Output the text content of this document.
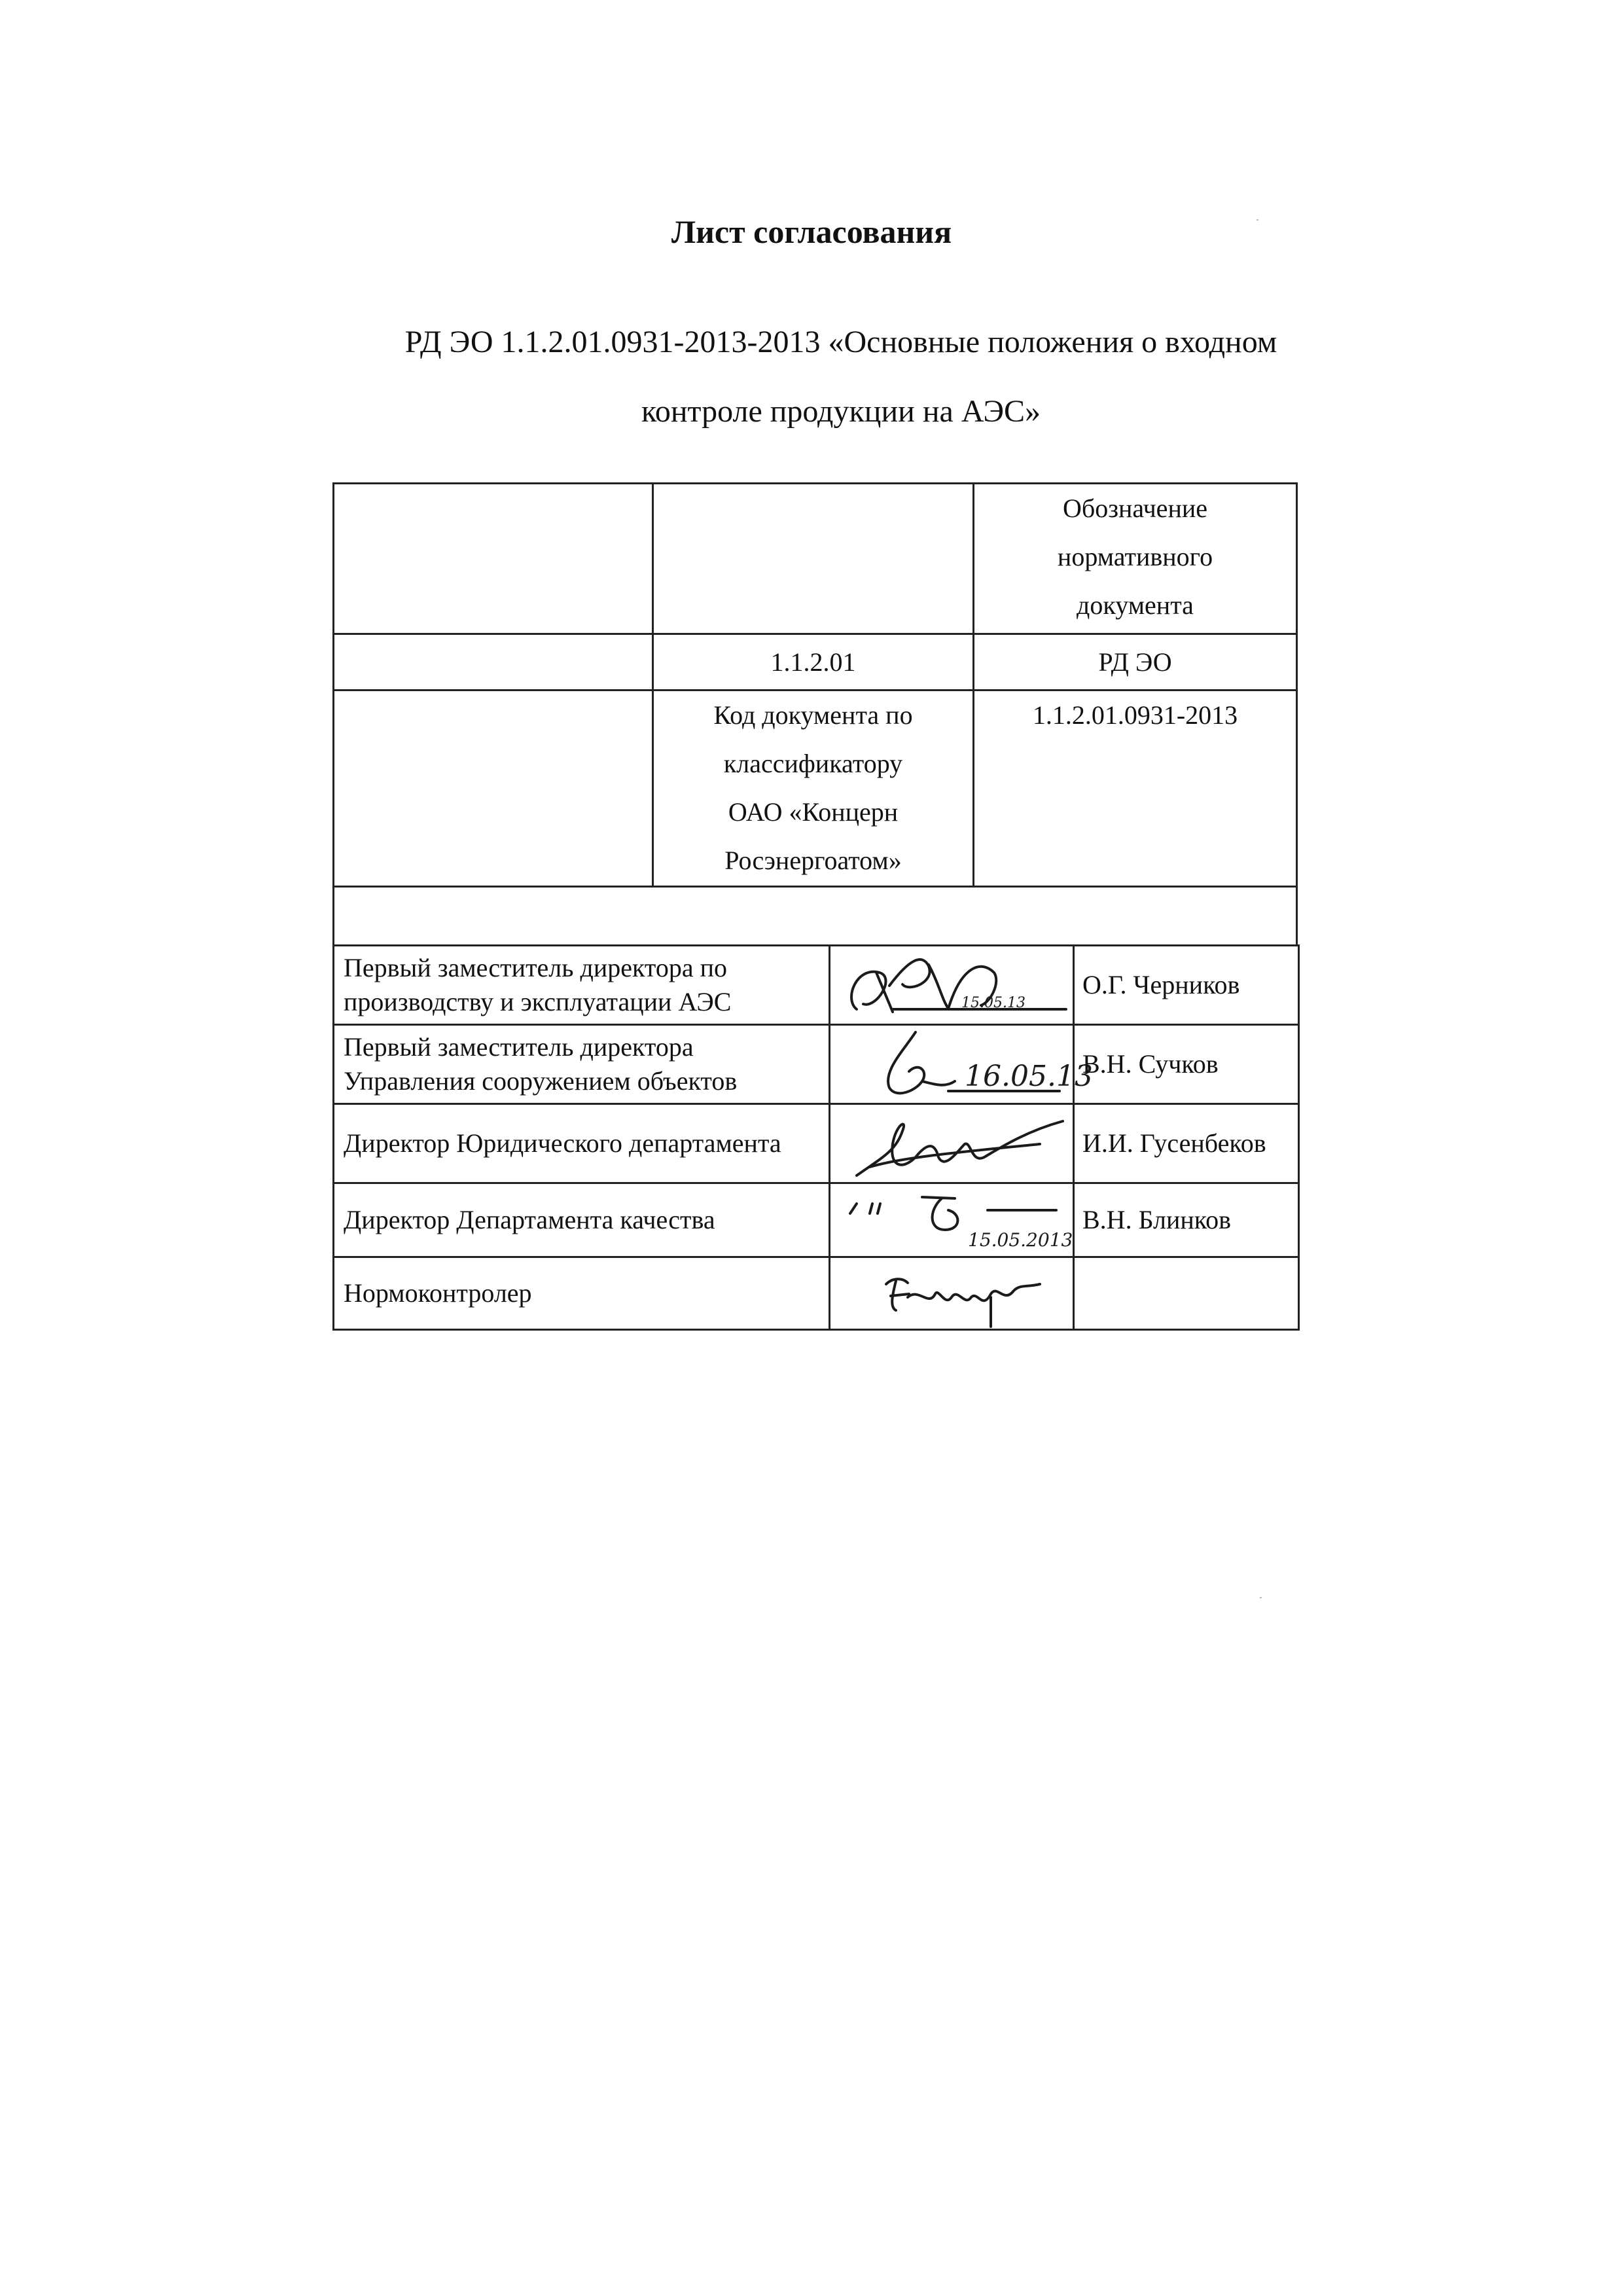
Лист согласования
РД ЭО 1.1.2.01.0931-2013-2013 «Основные положения о входном
контроле продукции на АЭС»

		Обозначение
нормативного
документа

	1.1.2.01	РД ЭО

	Код документа по
классификатору
ОАО «Концерн
Росэнергоатом»	1.1.2.01.0931-2013

Первый заместитель директора по
производству и эксплуатации АЭС	15.05.13	О.Г. Черников

Первый заместитель директора
Управления сооружением объектов	16.05.13	В.Н. Сучков

Директор Юридического департамента		И.И. Гусенбеков

Директор Департамента качества	15.05.2013	В.Н. Блинков

Нормоконтролер
